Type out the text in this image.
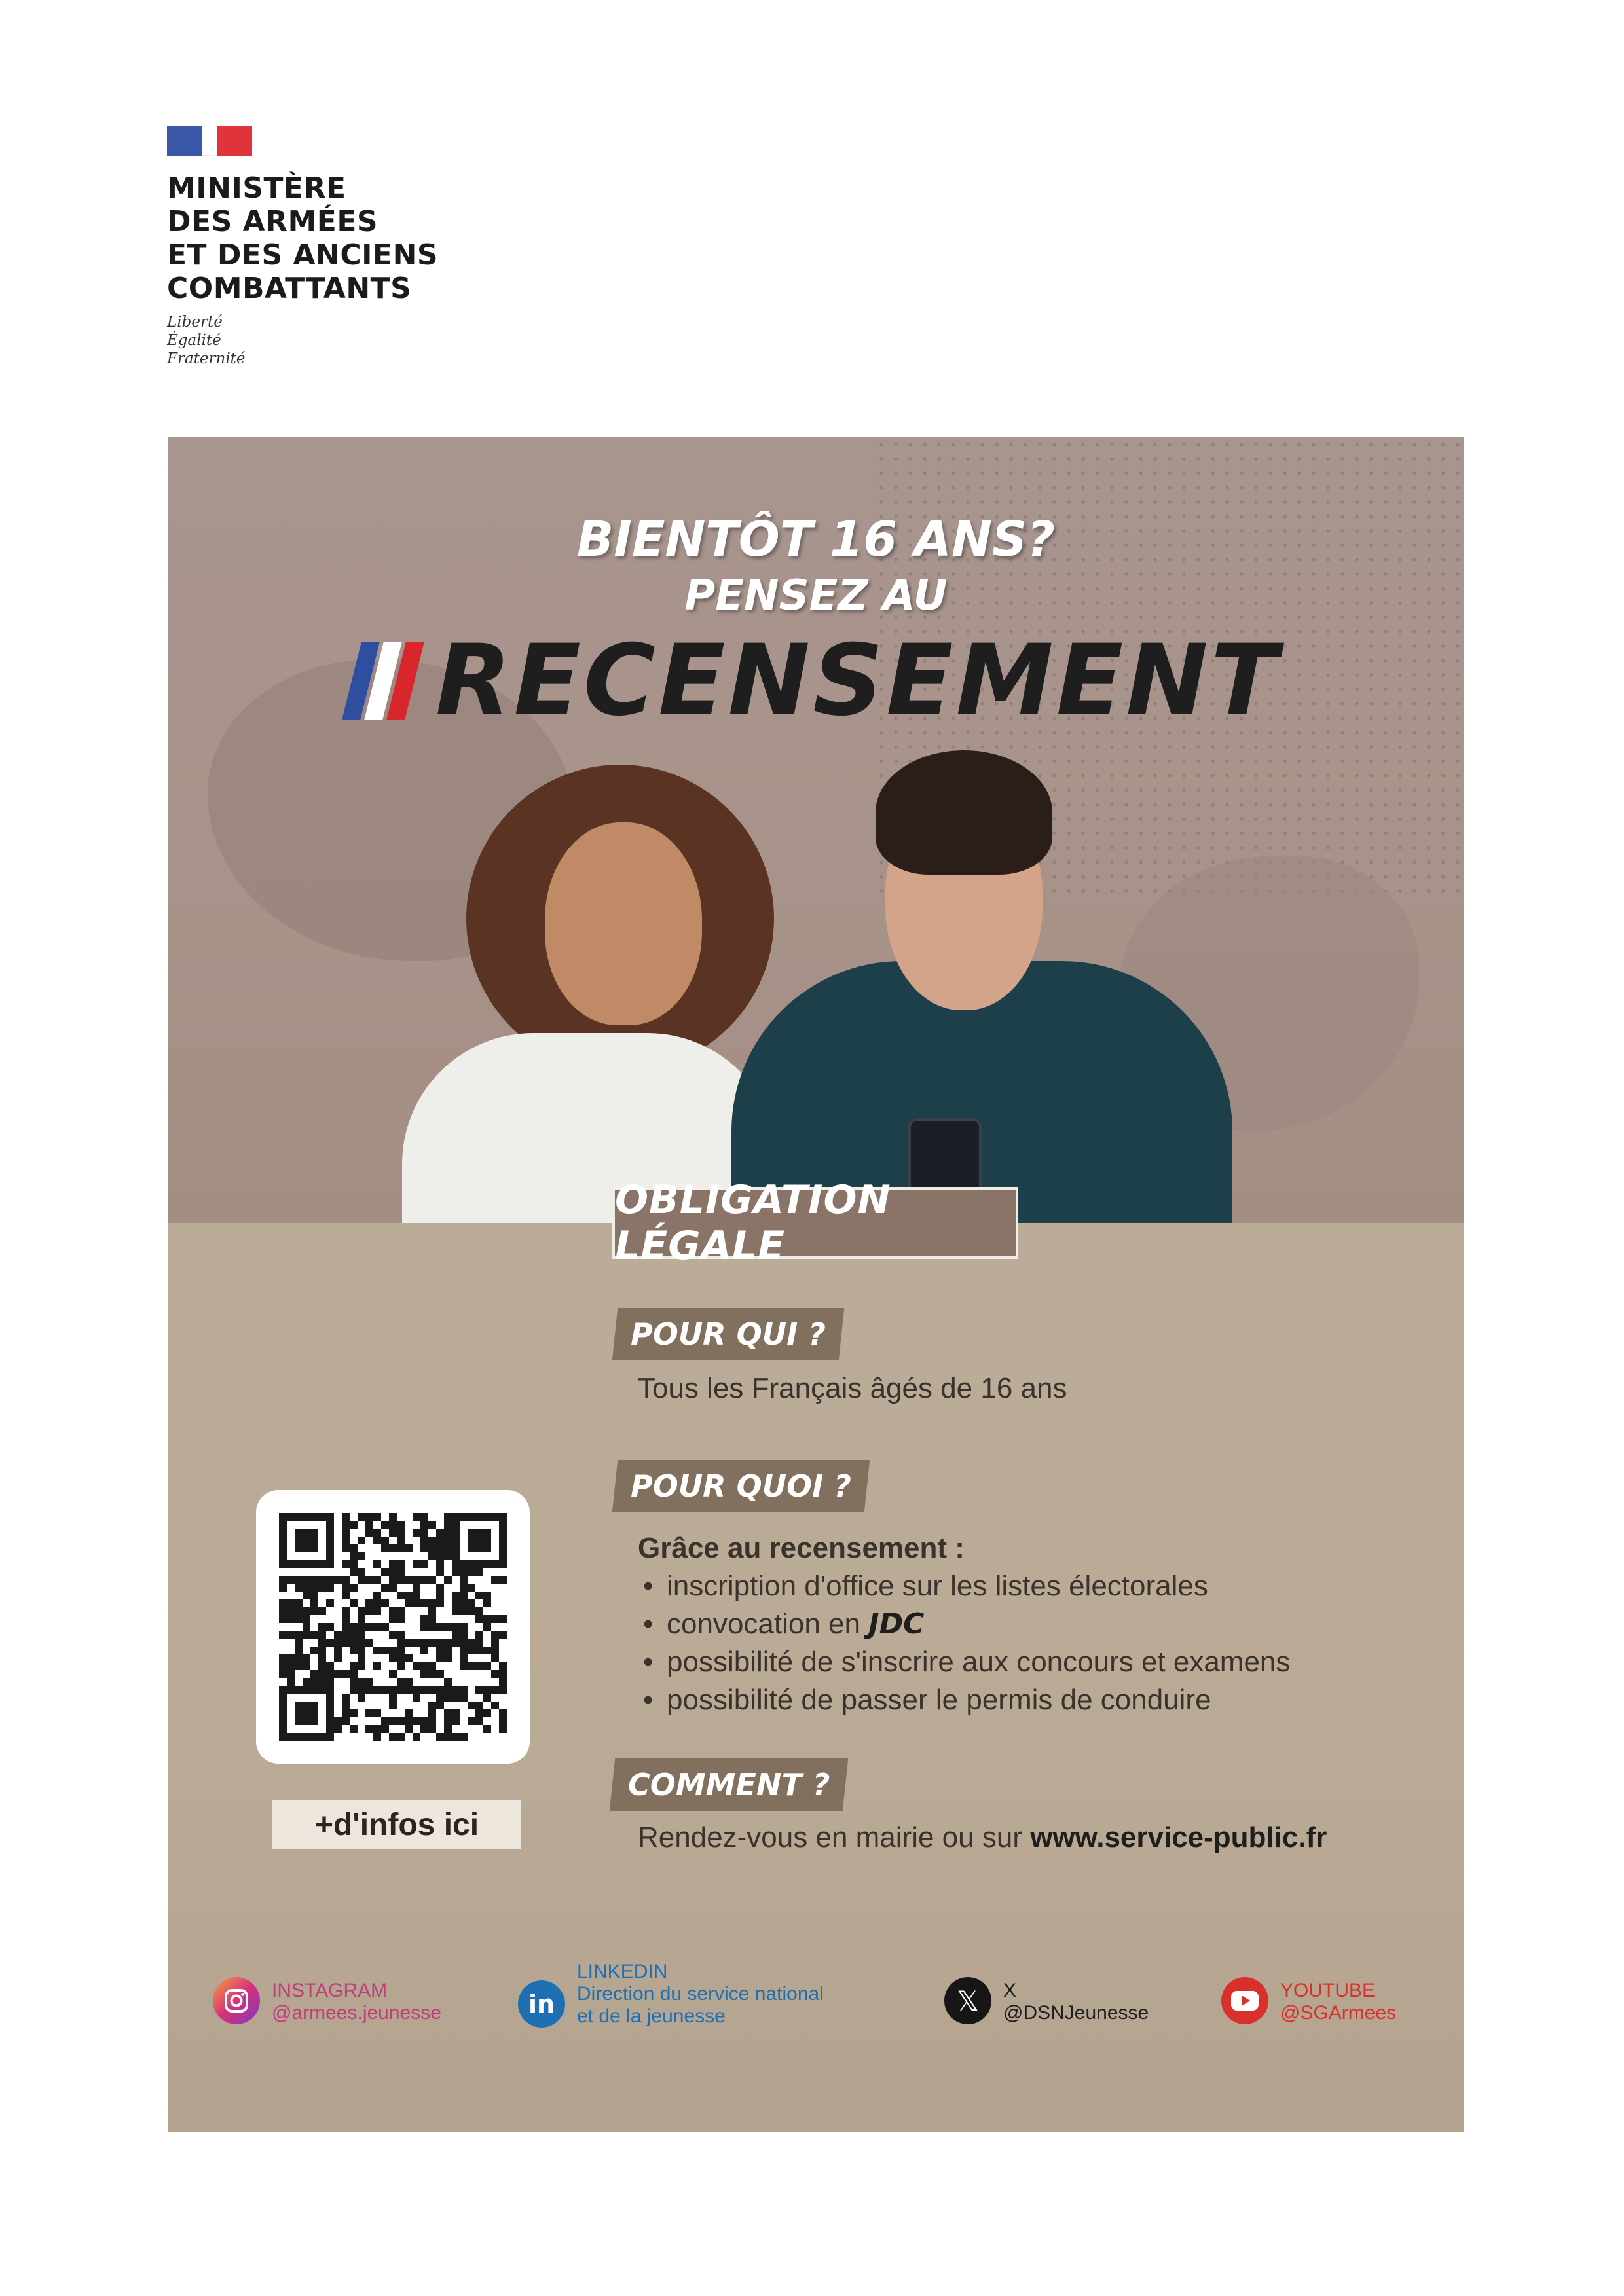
MINISTÈRE
DES ARMÉES
ET DES ANCIENS
COMBATTANTS
Liberté
Égalité
Fraternité
BIENTÔT 16 ANS?
PENSEZ AU
RECENSEMENT
OBLIGATION LÉGALE
POUR QUI ?
Tous les Français âgés de 16 ans
POUR QUOI ?
Grâce au recensement :
• inscription d'office sur les listes électorales
• convocation en JDC
• possibilité de s'inscrire aux concours et examens
• possibilité de passer le permis de conduire
COMMENT ?
Rendez-vous en mairie ou sur www.service-public.fr
+d'infos ici
INSTAGRAM
@armees.jeunesse	in
LINKEDIN
Direction du service national
et de la jeunesse	𝕏 X
@DSNJeunesse
YOUTUBE
@SGArmees
